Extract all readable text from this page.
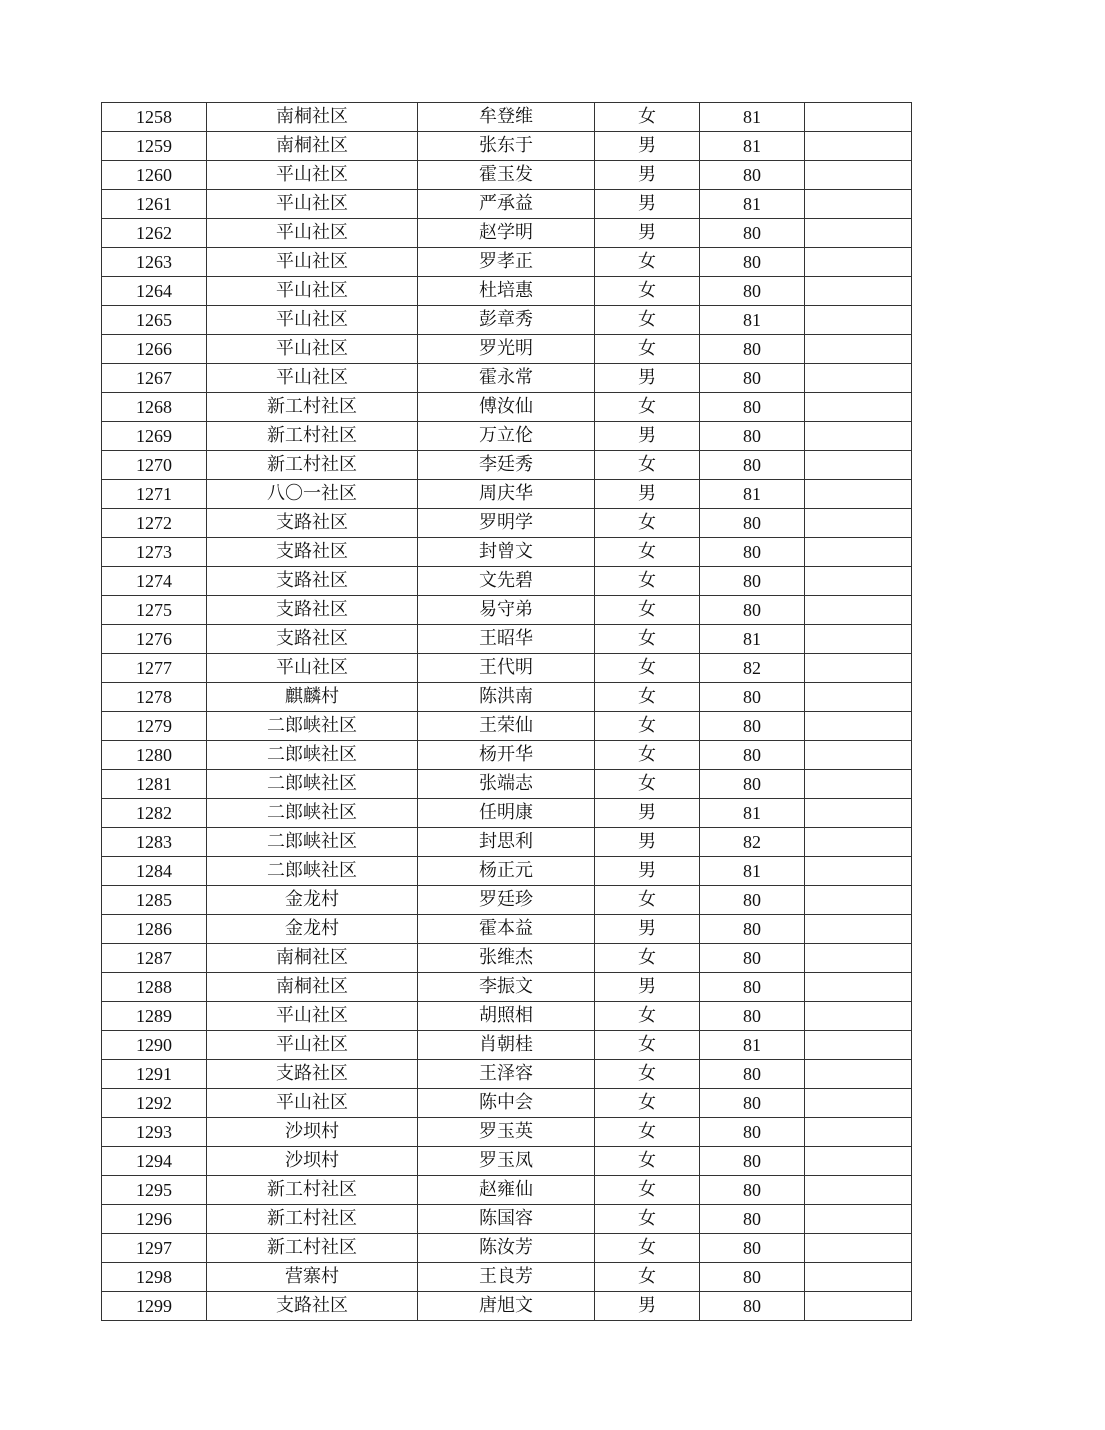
1258	南桐社区	牟登维	女	81	
1259	南桐社区	张东于	男	81	
1260	平山社区	霍玉发	男	80	
1261	平山社区	严承益	男	81	
1262	平山社区	赵学明	男	80	
1263	平山社区	罗孝正	女	80	
1264	平山社区	杜培惠	女	80	
1265	平山社区	彭章秀	女	81	
1266	平山社区	罗光明	女	80	
1267	平山社区	霍永常	男	80	
1268	新工村社区	傅汝仙	女	80	
1269	新工村社区	万立伦	男	80	
1270	新工村社区	李廷秀	女	80	
1271	八〇一社区	周庆华	男	81	
1272	支路社区	罗明学	女	80	
1273	支路社区	封曾文	女	80	
1274	支路社区	文先碧	女	80	
1275	支路社区	易守弟	女	80	
1276	支路社区	王昭华	女	81	
1277	平山社区	王代明	女	82	
1278	麒麟村	陈洪南	女	80	
1279	二郎峡社区	王荣仙	女	80	
1280	二郎峡社区	杨开华	女	80	
1281	二郎峡社区	张端志	女	80	
1282	二郎峡社区	任明康	男	81	
1283	二郎峡社区	封思利	男	82	
1284	二郎峡社区	杨正元	男	81	
1285	金龙村	罗廷珍	女	80	
1286	金龙村	霍本益	男	80	
1287	南桐社区	张维杰	女	80	
1288	南桐社区	李振文	男	80	
1289	平山社区	胡照相	女	80	
1290	平山社区	肖朝桂	女	81	
1291	支路社区	王泽容	女	80	
1292	平山社区	陈中会	女	80	
1293	沙坝村	罗玉英	女	80	
1294	沙坝村	罗玉凤	女	80	
1295	新工村社区	赵雍仙	女	80	
1296	新工村社区	陈国容	女	80	
1297	新工村社区	陈汝芳	女	80	
1298	营寨村	王良芳	女	80	
1299	支路社区	唐旭文	男	80	
